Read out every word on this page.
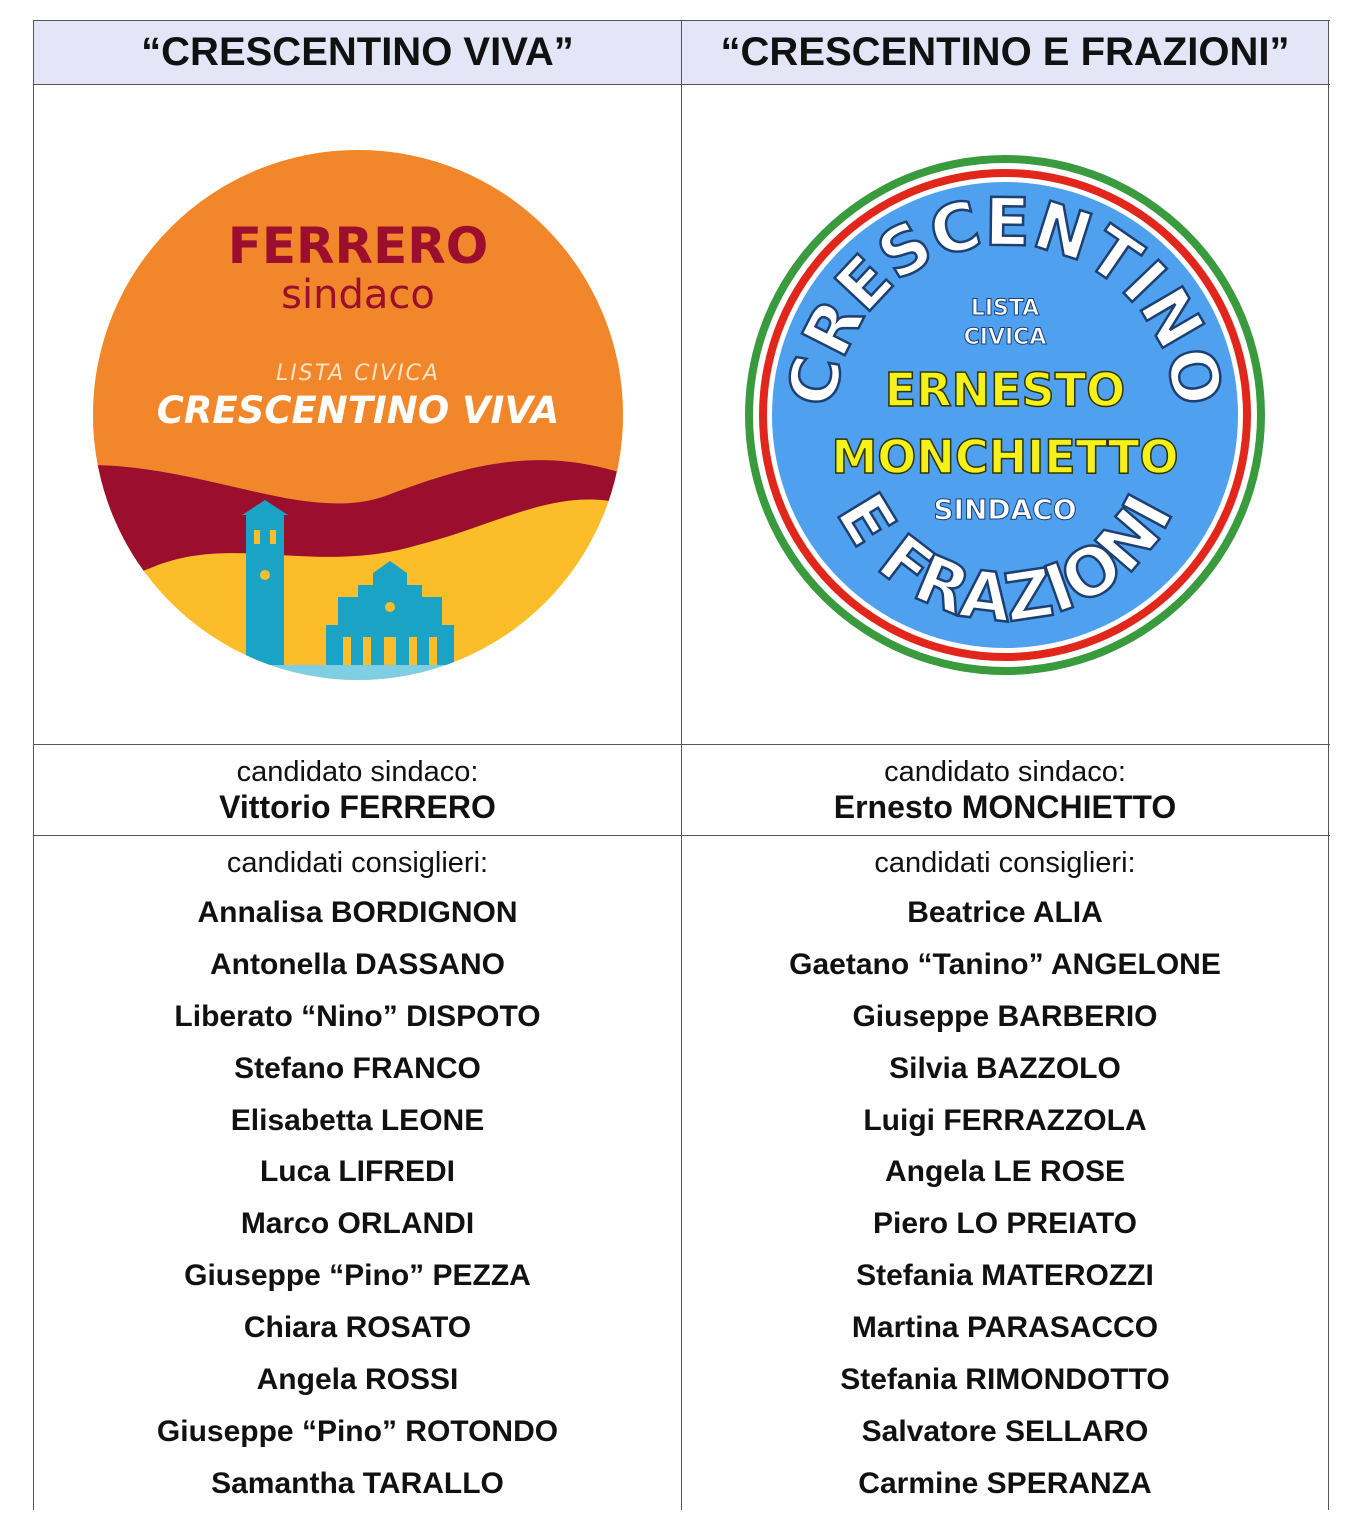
“CRESCENTINO VIVA”	“CRESCENTINO E FRAZIONI”
FERRERO
sindaco
LISTA CIVICA
CRESCENTINO VIVA	CRESCENTINO
E FRAZIONI
LISTA
CIVICA
ERNESTO
MONCHIETTO
SINDACO
candidato sindaco:
Vittorio FERRERO
candidato sindaco:
Ernesto MONCHIETTO
candidati consiglieri:
Annalisa BORDIGNON
Antonella DASSANO
Liberato “Nino” DISPOTO
Stefano FRANCO
Elisabetta LEONE
Luca LIFREDI
Marco ORLANDI
Giuseppe “Pino” PEZZA
Chiara ROSATO
Angela ROSSI
Giuseppe “Pino” ROTONDO
Samantha TARALLO
candidati consiglieri:
Beatrice ALIA
Gaetano “Tanino” ANGELONE
Giuseppe BARBERIO
Silvia BAZZOLO
Luigi FERRAZZOLA
Angela LE ROSE
Piero LO PREIATO
Stefania MATEROZZI
Martina PARASACCO
Stefania RIMONDOTTO
Salvatore SELLARO
Carmine SPERANZA
